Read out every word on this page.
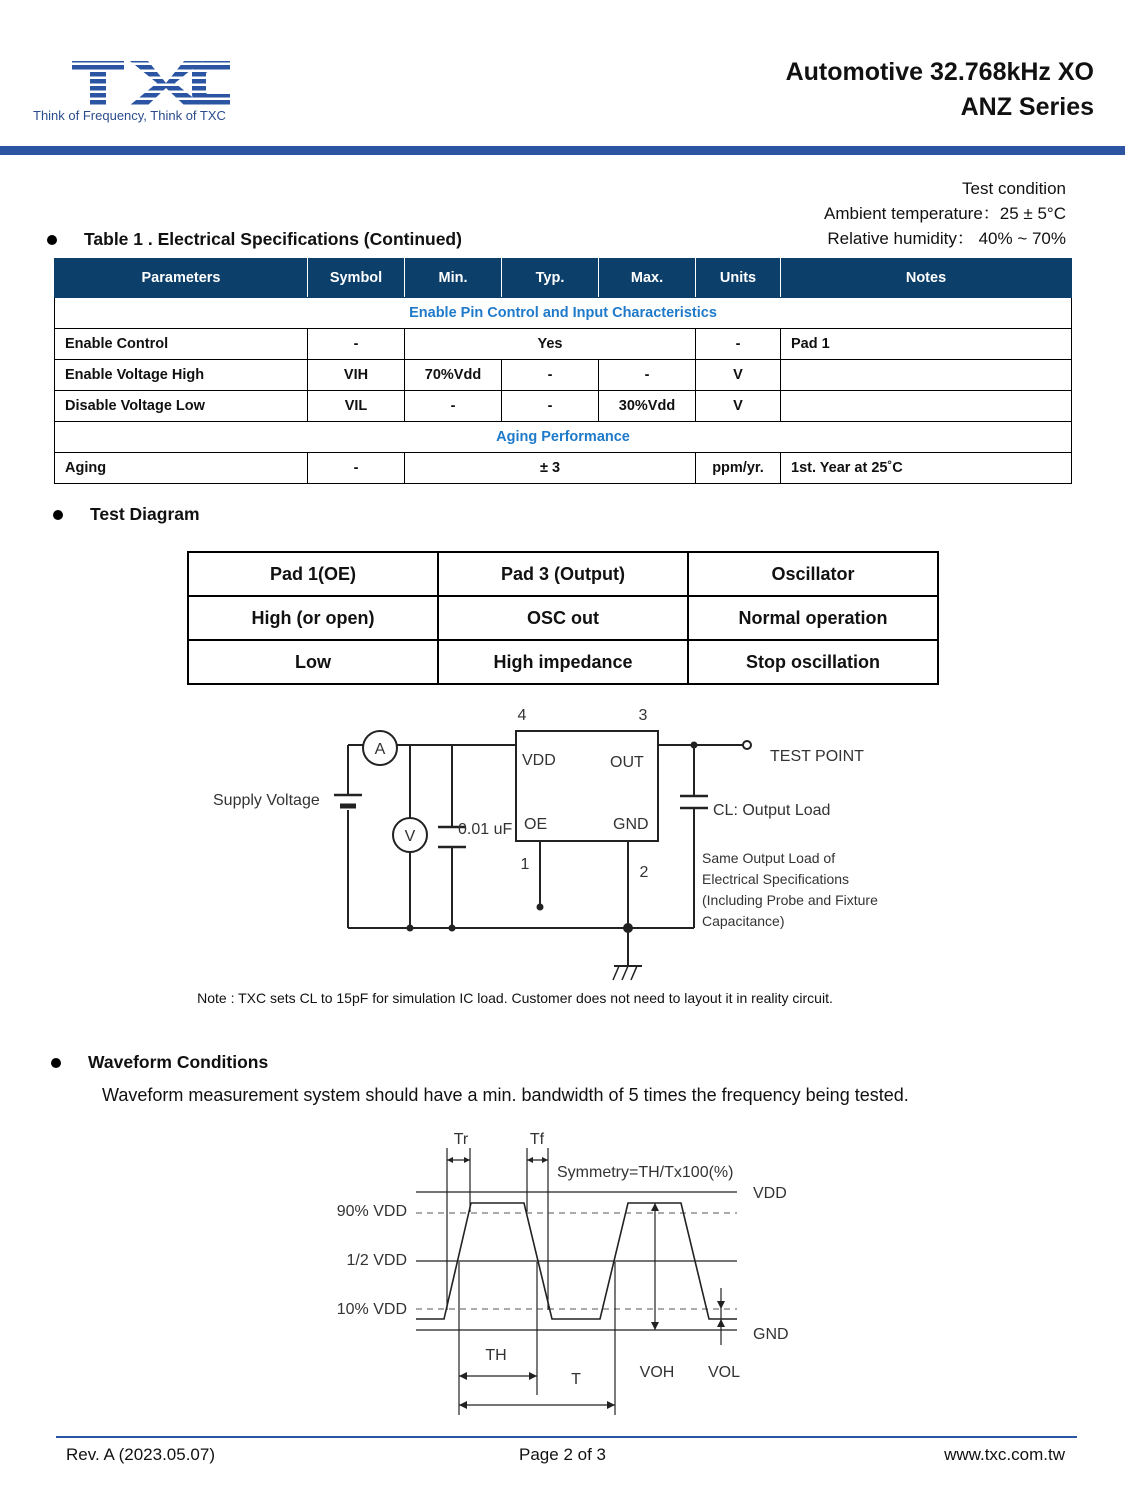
Think of Frequency, Think of TXC
Automotive 32.768kHz XO
ANZ Series
Test condition
Ambient temperature：25 ± 5°C
Relative humidity： 40% ~ 70%
Table 1 . Electrical Specifications (Continued)
Parameters	Symbol	Min.	Typ.	Max.	Units	Notes
Enable Pin Control and Input Characteristics						
Enable Control	-	Yes			-	Pad 1
Enable Voltage High	VIH	70%Vdd	-	-	V	
Disable Voltage Low	VIL	-	-	30%Vdd	V	
Aging Performance						
Aging	-	± 3			ppm/yr.	1st. Year at 25˚C
Test Diagram
Pad 1(OE)	Pad 3 (Output)	Oscillator
High (or open)	OSC out	Normal operation
Low	High impedance	Stop oscillation
A
V
4	3
1	2
VDD	OUT
OE	GND
Supply Voltage
0.01 uF
TEST POINT
CL: Output Load
Same Output Load of
Electrical Specifications
(Including Probe and Fixture
Capacitance)
Note : TXC sets CL to 15pF for simulation IC load. Customer does not need to layout it in reality circuit.
Waveform Conditions
Waveform measurement system should have a min. bandwidth of 5 times the frequency being tested.
Tr	Tf
Symmetry=TH/Tx100(%)
VDD
GND
90% VDD
1/2 VDD
10% VDD
TH
T	VOH VOL
Rev. A (2023.05.07)	Page 2 of 3	www.txc.com.tw
